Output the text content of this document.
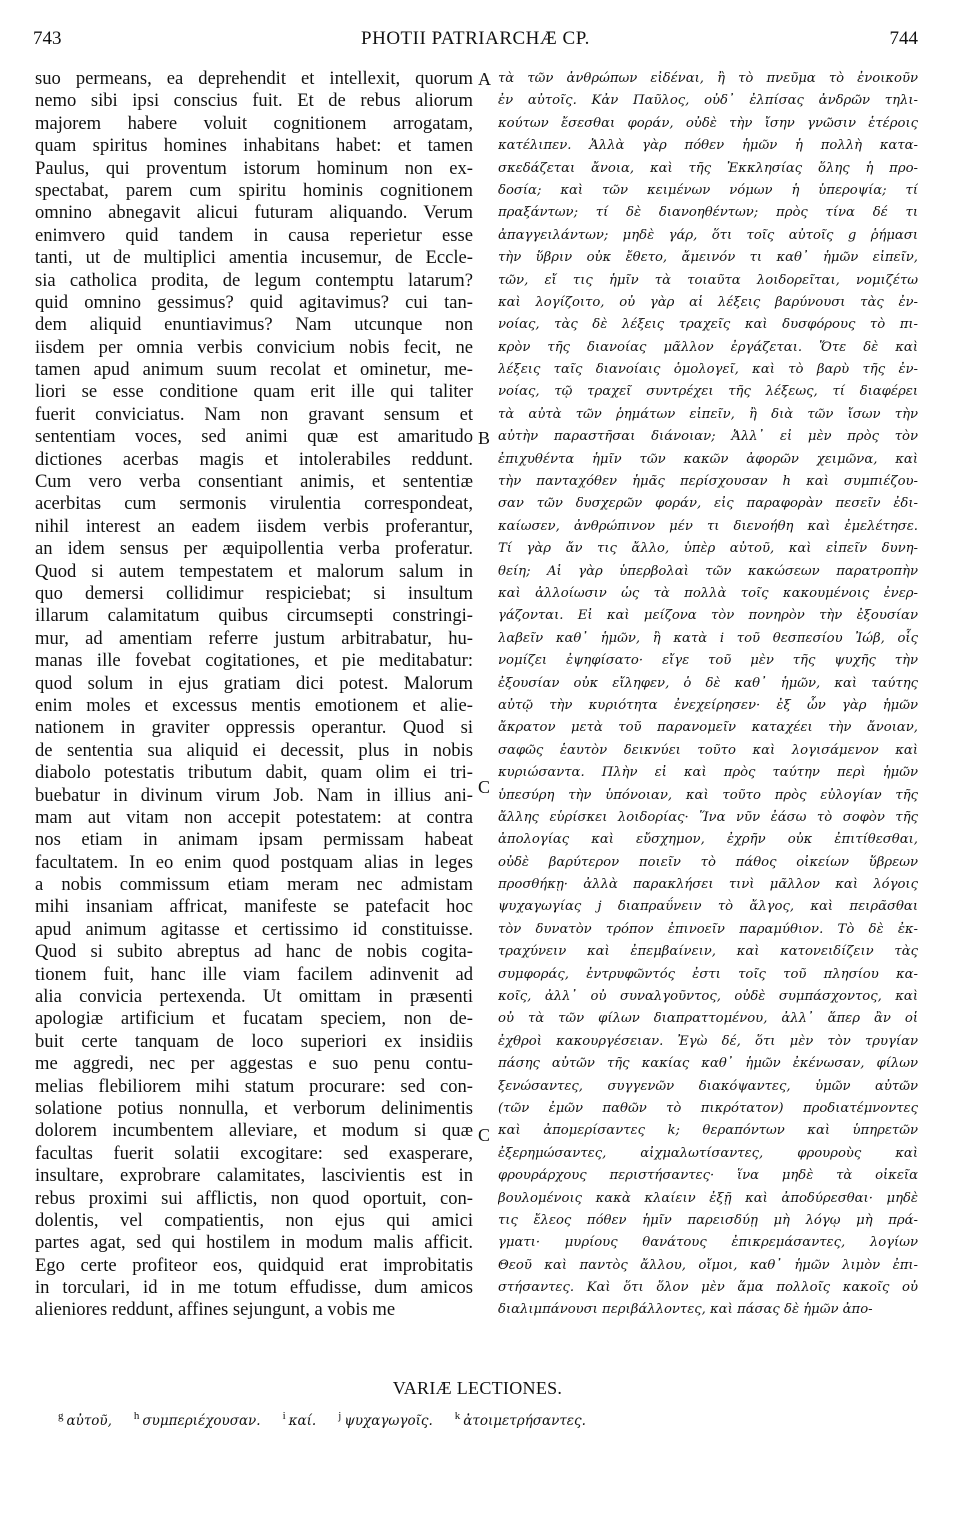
743	PHOTII PATRIARCHÆ CP.	744
suo permeans, ea deprehendit et intellexit, quorum
nemo sibi ipsi conscius fuit. Et de rebus aliorum
majorem habere voluit cognitionem arrogatam,
quam spiritus homines inhabitans habet: et tamen
Paulus, qui proventum istorum hominum non ex-
spectabat, parem cum spiritu hominis cognitionem
omnino abnegavit alicui futuram aliquando. Verum
enimvero quid tandem in causa reperietur esse
tanti, ut de multiplici amentia incusemur, de Eccle-
sia catholica prodita, de legum contemptu latarum?
quid omnino gessimus? quid agitavimus? cui tan-
dem aliquid enuntiavimus? Nam utcunque non
iisdem per omnia verbis convicium nobis fecit, ne
tamen apud animum suum recolat et ominetur, me-
liori se esse conditione quam erit ille qui taliter
fuerit conviciatus. Nam non gravant sensum et
sententiam voces, sed animi quæ est amaritudo
dictiones acerbas magis et intolerabiles reddunt.
Cum vero verba consentiant animis, et sententiæ
acerbitas cum sermonis virulentia correspondeat,
nihil interest an eadem iisdem verbis proferantur,
an idem sensus per æquipollentia verba proferatur.
Quod si autem tempestatem et malorum salum in
quo demersi collidimur respiciebat; si insultum
illarum calamitatum quibus circumsepti constringi-
mur, ad amentiam referre justum arbitrabatur, hu-
manas ille fovebat cogitationes, et pie meditabatur:
quod solum in ejus gratiam dici potest. Malorum
enim moles et excessus mentis emotionem et alie-
nationem in graviter oppressis operantur. Quod si
de sententia sua aliquid ei decessit, plus in nobis
diabolo potestatis tributum dabit, quam olim ei tri-
buebatur in divinum virum Job. Nam in illius ani-
mam aut vitam non accepit potestatem: at contra
nos etiam in animam ipsam permissam habeat
facultatem. In eo enim quod postquam alias in leges
a nobis commissum etiam meram nec admistam
mihi insaniam affricat, manifeste se patefacit hoc
apud animum agitasse et certissimo id constituisse.
Quod si subito abreptus ad hanc de nobis cogita-
tionem fuit, hanc ille viam facilem adinvenit ad
alia convicia pertexenda. Ut omittam in præsenti
apologiæ artificium et fucatam speciem, non de-
buit certe tanquam de loco superiori ex insidiis
me aggredi, nec per aggestas e suo penu contu-
melias flebiliorem mihi statum procurare: sed con-
solatione potius nonnulla, et verborum delinimentis
dolorem incumbentem alleviare, et modum si quæ
facultas fuerit solatii excogitare: sed exasperare,
insultare, exprobrare calamitates, lascivientis est in
rebus proximi sui afflictis, non quod oportuit, con-
dolentis, vel compatientis, non ejus qui amici
partes agat, sed qui hostilem in modum malis afficit.
Ego certe profiteor eos, quidquid erat improbitatis
in torculari, id in me totum effudisse, dum amicos
alieniores reddunt, affines sejungunt, a vobis me
τὰ τῶν ἀνθρώπων εἰδέναι, ἢ τὸ πνεῦμα τὸ ἐνοικοῦν
ἐν αὐτοῖς. Κἀν Παῦλος, οὐδ᾽ ἐλπίσας ἀνδρῶν τηλι-
κούτων ἔσεσθαι φοράν, οὐδὲ τὴν ἴσην γνῶσιν ἑτέροις
κατέλιπεν. Ἀλλὰ γὰρ πόθεν ἡμῶν ἡ πολλὴ κατα-
σκεδάζεται ἄνοια, καὶ τῆς Ἐκκλησίας ὅλης ἡ προ-
δοσία; καὶ τῶν κειμένων νόμων ἡ ὑπεροψία; τί
πραξάντων; τί δὲ διανοηθέντων; πρὸς τίνα δέ τι
ἀπαγγειλάντων; μηδὲ γάρ, ὅτι τοῖς αὐτοῖς g ῥήμασι
τὴν ὕβριν οὐκ ἔθετο, ἄμεινόν τι καθ᾽ ἡμῶν εἰπεῖν,
τῶν, εἴ τις ἡμῖν τὰ τοιαῦτα λοιδορεῖται, νομιζέτω
καὶ λογίζοιτο, οὐ γὰρ αἱ λέξεις βαρύνουσι τὰς ἐν-
νοίας, τὰς δὲ λέξεις τραχεῖς καὶ δυσφόρους τὸ πι-
κρὸν τῆς διανοίας μᾶλλον ἐργάζεται. Ὅτε δὲ καὶ
λέξεις ταῖς διανοίαις ὁμολογεῖ, καὶ τὸ βαρὺ τῆς ἐν-
νοίας, τῷ τραχεῖ συντρέχει τῆς λέξεως, τί διαφέρει
τὰ αὐτὰ τῶν ῥημάτων εἰπεῖν, ἢ διὰ τῶν ἴσων τὴν
αὐτὴν παραστῆσαι διάνοιαν; Ἀλλ᾽ εἰ μὲν πρὸς τὸν
ἐπιχυθέντα ἡμῖν τῶν κακῶν ἀφορῶν χειμῶνα, καὶ
τὴν πανταχόθεν ἡμᾶς περίσχουσαν h καὶ συμπιέζου-
σαν τῶν δυσχερῶν φοράν, εἰς παραφορὰν πεσεῖν ἐδι-
καίωσεν, ἀνθρώπινον μέν τι διενοήθη καὶ ἐμελέτησε.
Τί γὰρ ἄν τις ἄλλο, ὑπὲρ αὐτοῦ, καὶ εἰπεῖν δυνη-
θείη; Αἱ γὰρ ὑπερβολαὶ τῶν κακώσεων παρατροπὴν
καὶ ἀλλοίωσιν ὡς τὰ πολλὰ τοῖς κακουμένοις ἐνερ-
γάζονται. Εἰ καὶ μείζονα τὸν πονηρὸν τὴν ἐξουσίαν
λαβεῖν καθ᾽ ἡμῶν, ἢ κατὰ i τοῦ θεσπεσίου Ἰώβ, οἷς
νομίζει ἐψηφίσατο· εἴγε τοῦ μὲν τῆς ψυχῆς τὴν
ἐξουσίαν οὐκ εἴληφεν, ὁ δὲ καθ᾽ ἡμῶν, καὶ ταύτης
αὐτῷ τὴν κυριότητα ἐνεχείρησεν· ἐξ ὧν γὰρ ἡμῶν
ἄκρατον μετὰ τοῦ παρανομεῖν καταχέει τὴν ἄνοιαν,
σαφῶς ἑαυτὸν δεικνύει τοῦτο καὶ λογισάμενον καὶ
κυριώσαντα. Πλὴν εἰ καὶ πρὸς ταύτην περὶ ἡμῶν
ὑπεσύρη τὴν ὑπόνοιαν, καὶ τοῦτο πρὸς εὐλογίαν τῆς
ἄλλης εὑρίσκει λοιδορίας· Ἵνα νῦν ἐάσω τὸ σοφὸν τῆς
ἀπολογίας καὶ εὔσχημον, ἐχρῆν οὐκ ἐπιτίθεσθαι,
οὐδὲ βαρύτερον ποιεῖν τὸ πάθος οἰκείων ὕβρεων
προσθήκῃ· ἀλλὰ παρακλήσει τινὶ μᾶλλον καὶ λόγοις
ψυχαγωγίας j διαπραΰνειν τὸ ἄλγος, καὶ πειρᾶσθαι
τὸν δυνατὸν τρόπον ἐπινοεῖν παραμύθιον. Τὸ δὲ ἐκ-
τραχύνειν καὶ ἐπεμβαίνειν, καὶ κατονειδίζειν τὰς
συμφοράς, ἐντρυφῶντός ἐστι τοῖς τοῦ πλησίου κα-
κοῖς, ἀλλ᾽ οὐ συναλγοῦντος, οὐδὲ συμπάσχοντος, καὶ
οὐ τὰ τῶν φίλων διαπραττομένου, ἀλλ᾽ ἅπερ ἂν οἱ
ἐχθροὶ κακουργέσειαν. Ἐγὼ δέ, ὅτι μὲν τὸν τρυγίαν
πάσης αὐτῶν τῆς κακίας καθ᾽ ἡμῶν ἐκένωσαν, φίλων
ξενώσαντες, συγγενῶν διακόψαντες, ὑμῶν αὐτῶν
(τῶν ἐμῶν παθῶν τὸ πικρότατον) προδιατέμνοντες
καὶ ἀπομερίσαντες k; θεραπόντων καὶ ὑπηρετῶν
ἐξερημώσαντες, αἰχμαλωτίσαντες, φρουροὺς καὶ
φρουράρχους περιστήσαντες· ἵνα μηδὲ τὰ οἰκεῖα
βουλομένοις κακὰ κλαίειν ἐξῇ καὶ ἀποδύρεσθαι· μηδὲ
τις ἔλεος πόθεν ἡμῖν παρεισδύῃ μὴ λόγῳ μὴ πρά-
γματι· μυρίους θανάτους ἐπικρεμάσαντες, λογίων
Θεοῦ καὶ παντὸς ἄλλου, οἴμοι, καθ᾽ ἡμῶν λιμὸν ἐπι-
στήσαντες. Καὶ ὅτι ὅλον μὲν ἅμα πολλοῖς κακοῖς οὐ
διαλιμπάνουσι περιβάλλοντες, καὶ πάσας δὲ ἡμῶν ἀπο-
A
B
C
C
VARIÆ LECTIONES.
$^g$ αὐτοῦ, $^h$ συμπεριέχουσαν. $^i$ καί. $^j$ ψυχαγωγοῖς. $^k$ ἀτοιμετρήσαντες.
